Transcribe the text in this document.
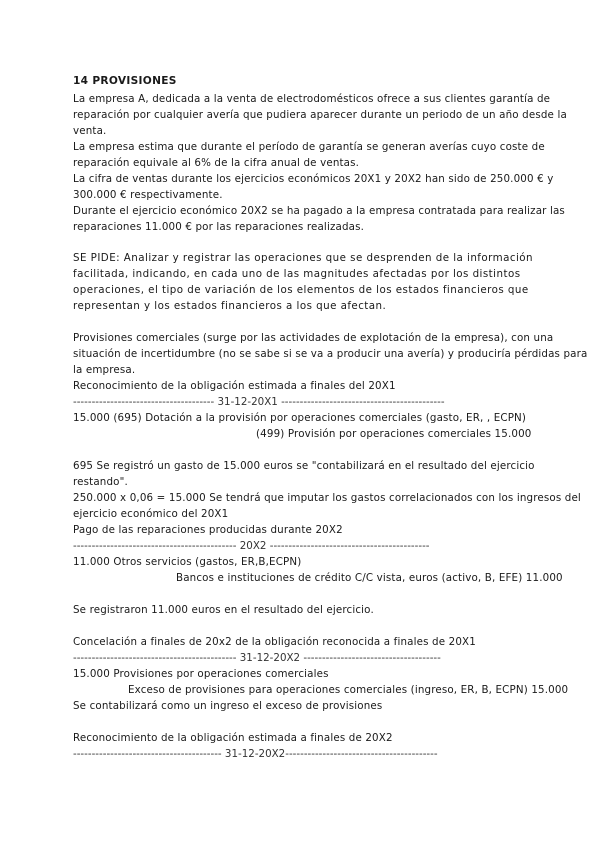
14 PROVISIONES
La empresa A, dedicada a la venta de electrodomésticos ofrece a sus clientes garantía de
reparación por cualquier avería que pudiera aparecer durante un periodo de un año desde la
venta.
La empresa estima que durante el período de garantía se generan averías cuyo coste de
reparación equivale al 6% de la cifra anual de ventas.
La cifra de ventas durante los ejercicios económicos 20X1 y 20X2 han sido de 250.000 € y
300.000 € respectivamente.
Durante el ejercicio económico 20X2 se ha pagado a la empresa contratada para realizar las
reparaciones 11.000 € por las reparaciones realizadas.
SE PIDE: Analizar y registrar las operaciones que se desprenden de la información
facilitada, indicando, en cada uno de las magnitudes afectadas por los distintos
operaciones, el tipo de variación de los elementos de los estados financieros que
representan y los estados financieros a los que afectan.
Provisiones comerciales (surge por las actividades de explotación de la empresa), con una
situación de incertidumbre (no se sabe si se va a producir una avería) y produciría pérdidas para
la empresa.
Reconocimiento de la obligación estimada a finales del 20X1
-------------------------------------- 31-12-20X1 --------------------------------------------
15.000 (695) Dotación a la provisión por operaciones comerciales (gasto, ER, , ECPN)
(499) Provisión por operaciones comerciales 15.000
695 Se registró un gasto de 15.000 euros se "contabilizará en el resultado del ejercicio
restando".
250.000 x 0,06 = 15.000 Se tendrá que imputar los gastos correlacionados con los ingresos del
ejercicio económico del 20X1
Pago de las reparaciones producidas durante 20X2
-------------------------------------------- 20X2 -------------------------------------------
11.000 Otros servicios (gastos, ER,B,ECPN)
Bancos e instituciones de crédito C/C vista, euros (activo, B, EFE) 11.000
Se registraron 11.000 euros en el resultado del ejercicio.
Concelación a finales de 20x2 de la obligación reconocida a finales de 20X1
-------------------------------------------- 31-12-20X2 -------------------------------------
15.000 Provisiones por operaciones comerciales
Exceso de provisiones para operaciones comerciales (ingreso, ER, B, ECPN) 15.000
Se contabilizará como un ingreso el exceso de provisiones
Reconocimiento de la obligación estimada a finales de 20X2
---------------------------------------- 31-12-20X2-----------------------------------------
